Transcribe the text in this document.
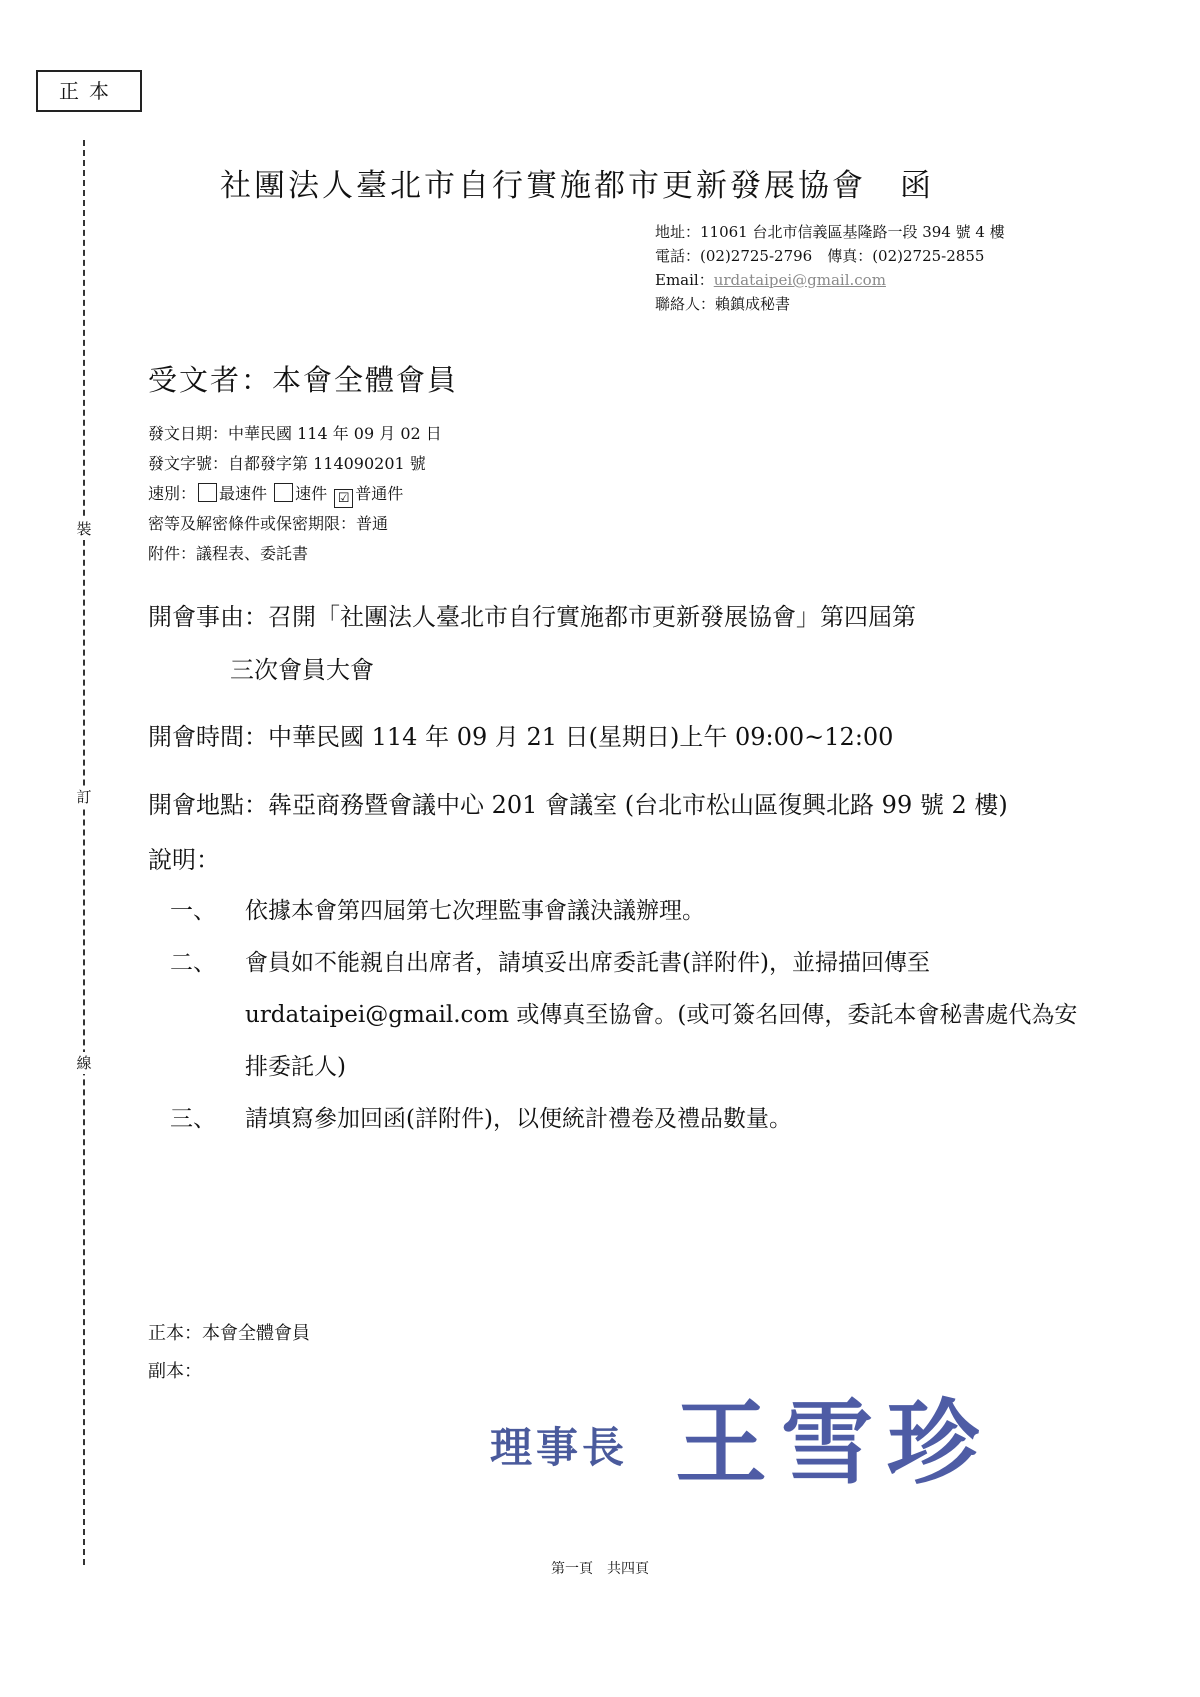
正本
裝
訂
線
社團法人臺北市自行實施都市更新發展協會　函
地址：11061 台北市信義區基隆路一段 394 號 4 樓
電話：(02)2725-2796　傳真：(02)2725-2855
Email：urdataipei@gmail.com
聯絡人：賴鎮成秘書
受文者：本會全體會員
發文日期：中華民國 114 年 09 月 02 日
發文字號：自都發字第 114090201 號
速別： 最速件 速件 ☑ 普通件
密等及解密條件或保密期限：普通
附件：議程表、委託書
開會事由：召開「社團法人臺北市自行實施都市更新發展協會」第四屆第
三次會員大會
開會時間：中華民國 114 年 09 月 21 日(星期日)上午 09:00~12:00
開會地點：犇亞商務暨會議中心 201 會議室 (台北市松山區復興北路 99 號 2 樓)
說明：
一、	依據本會第四屆第七次理監事會議決議辦理。
二、	會員如不能親自出席者，請填妥出席委託書(詳附件)，並掃描回傳至 urdataipei@gmail.com 或傳真至協會。(或可簽名回傳，委託本會秘書處代為安排委託人)
三、	請填寫參加回函(詳附件)，以便統計禮卷及禮品數量。
正本：本會全體會員
副本：
理事長 王雪珍
第一頁　共四頁
